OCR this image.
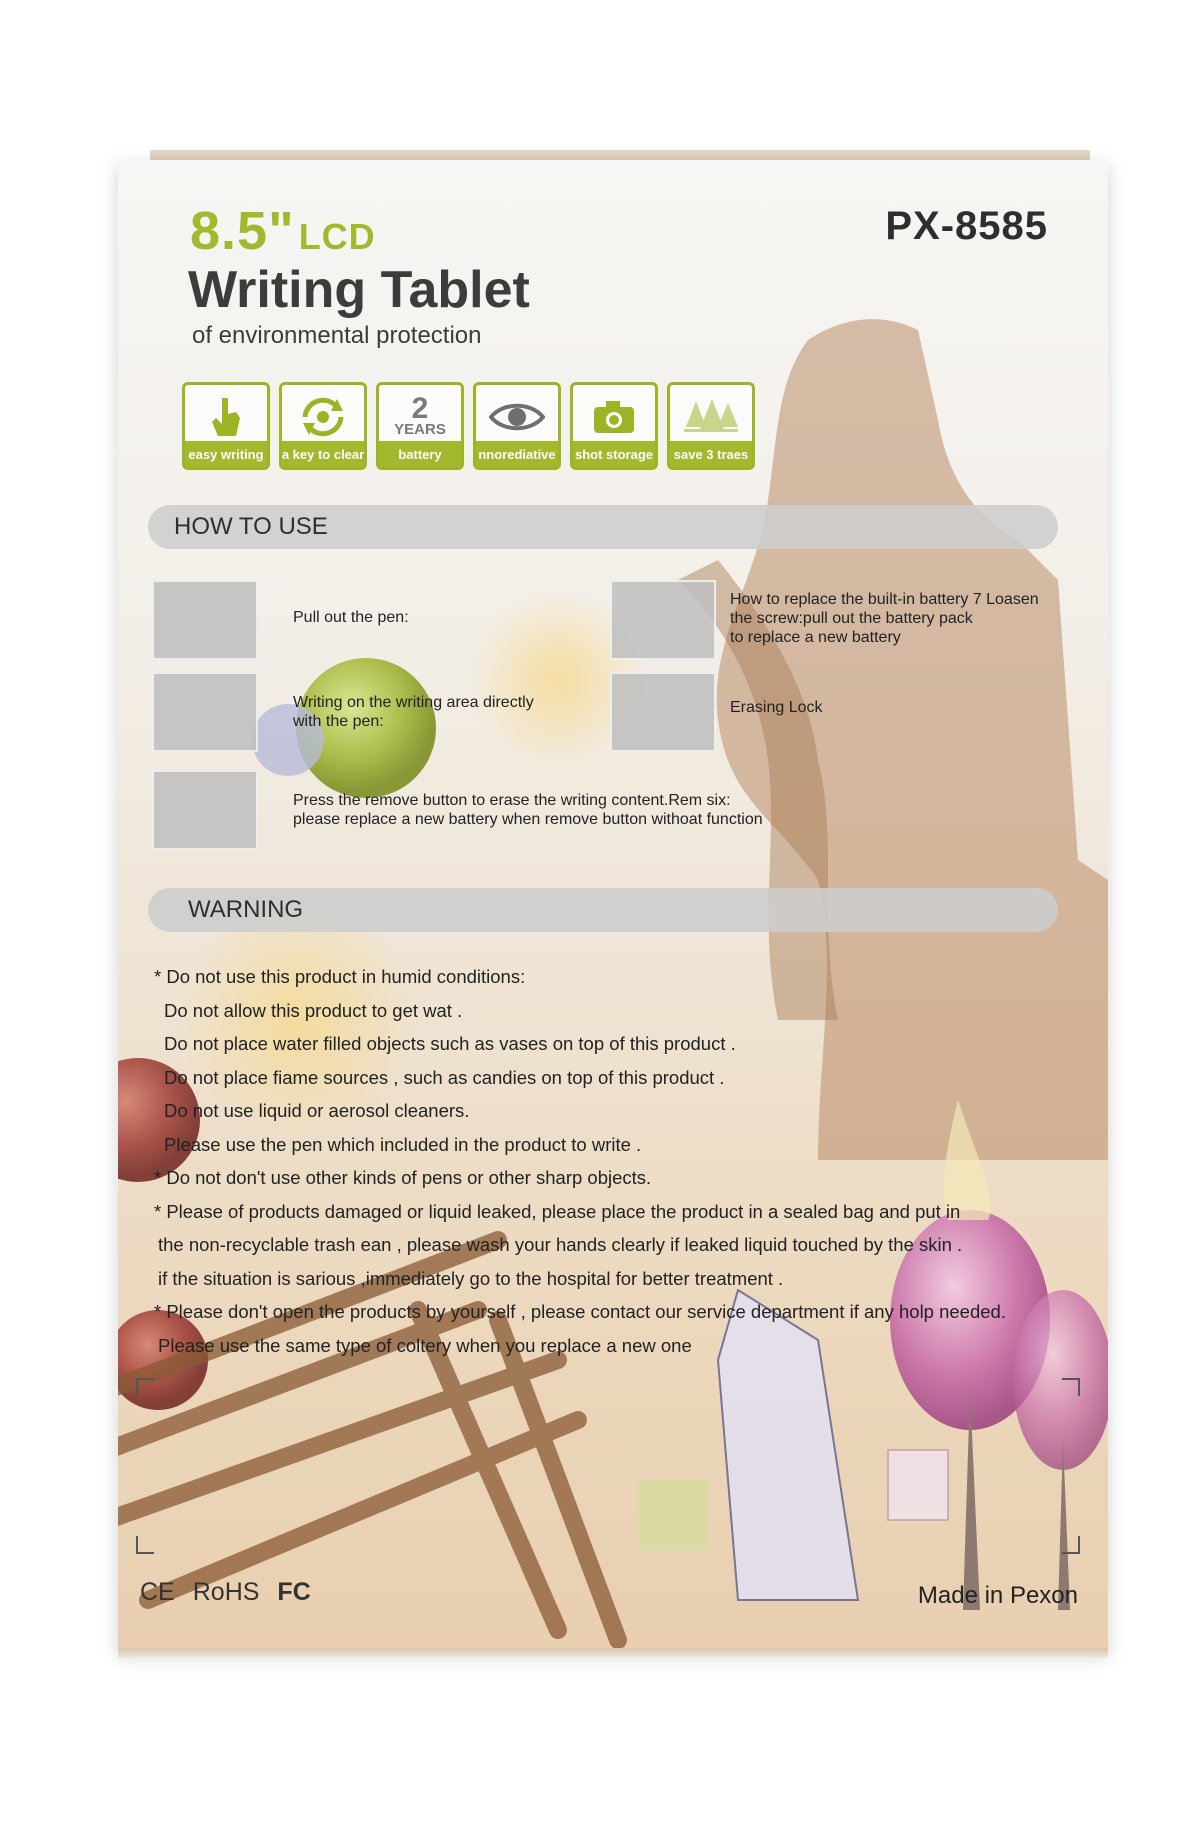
8.5" LCD
Writing Tablet
of environmental protection
PX-8585
easy writing a key to clear
2
YEARS
battery	nnorediative shot storage save 3 traes
HOW TO USE
Pull out the pen:
Writing on the writing area directly
with the pen:
Press the remove button to erase the writing content.Rem six:
please replace a new battery when remove button withoat function
How to replace the built-in battery 7 Loasen
the screw:pull out the battery pack
to replace a new battery
Erasing Lock
WARNING
* Do not use this product in humid conditions:
Do not allow this product to get wat .
Do not place water filled objects such as vases on top of this product .
Do not place fiame sources , such as candies on top of this product .
Do not use liquid or aerosol cleaners.
Please use the pen which included in the product to write .
* Do not don't use other kinds of pens or other sharp objects.
* Please of products damaged or liquid leaked, please place the product in a sealed bag and put in
the non-recyclable trash ean , please wash your hands clearly if leaked liquid touched by the skin .
if the situation is sarious ,immediately go to the hospital for better treatment .
* Please don't open the products by yourself , please contact our service department if any holp needed.
Please use the same type of coltery when you replace a new one
CE RoHS FC	Made in Pexon
